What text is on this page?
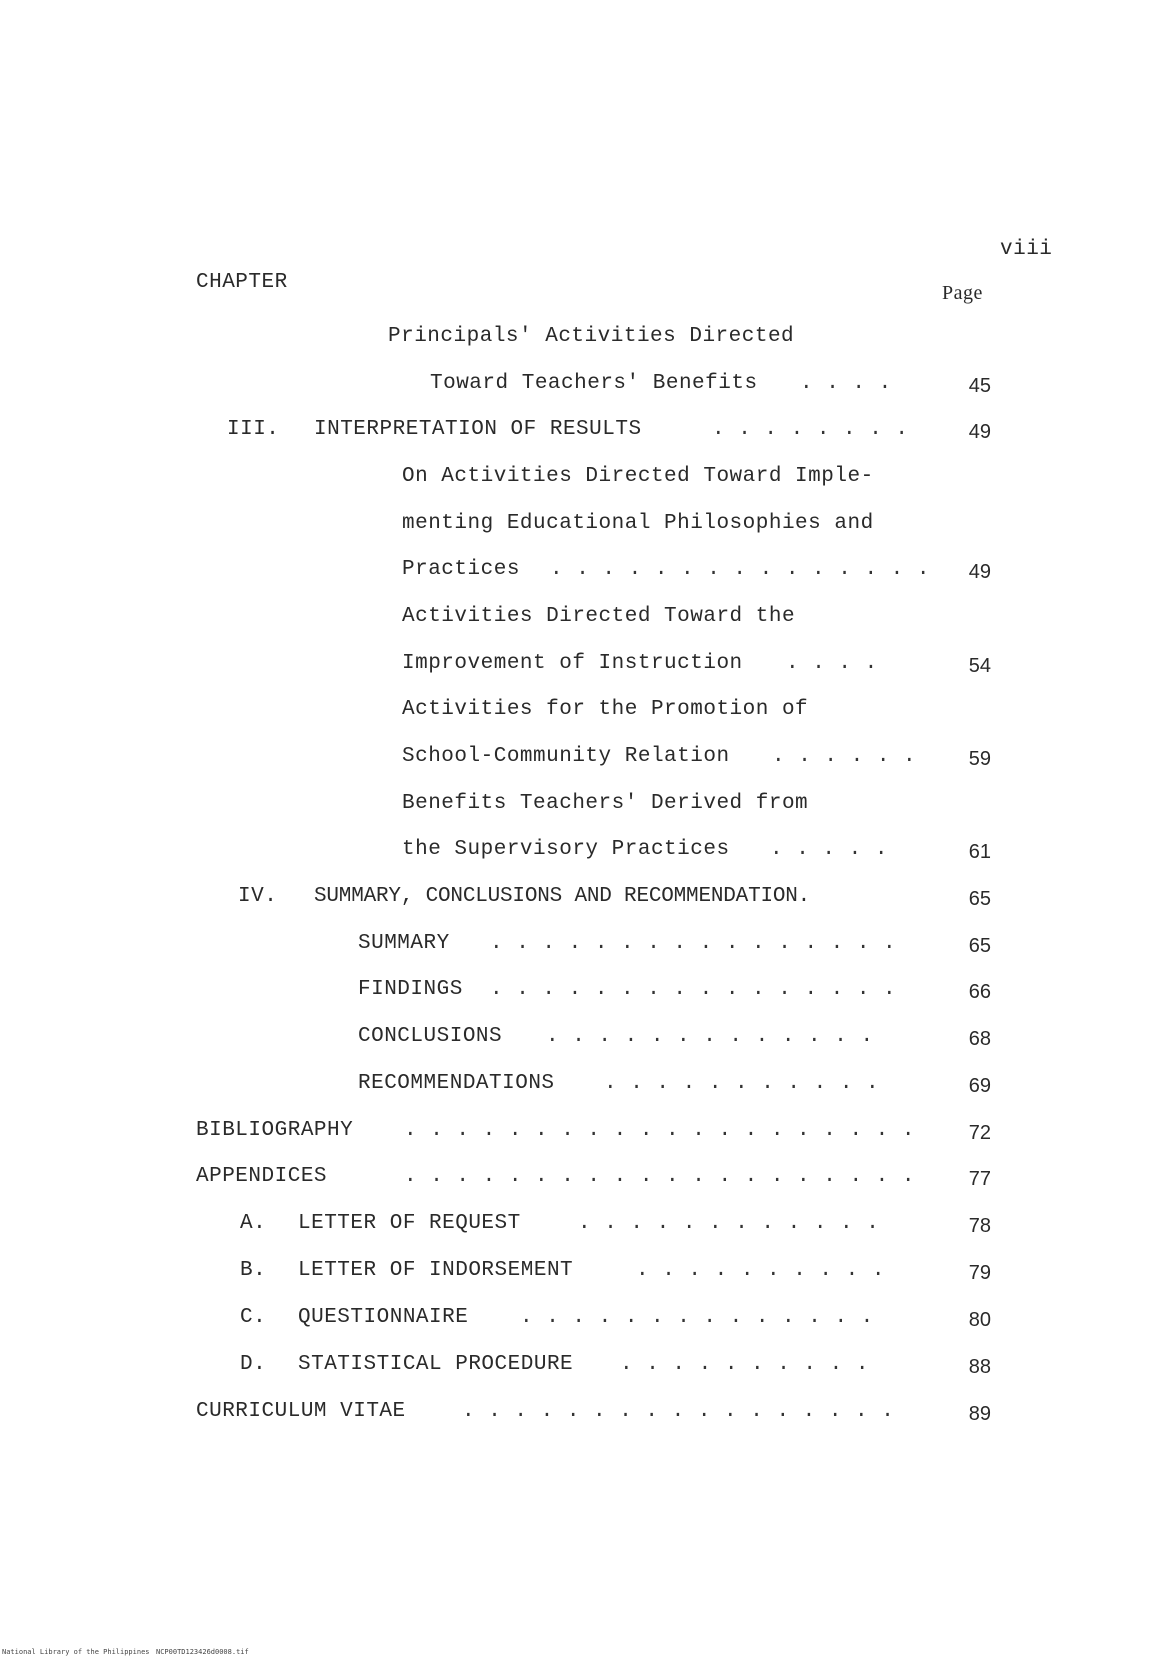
viii
CHAPTER	Page
Principals' Activities Directed
Toward Teachers' Benefits . . . .	45
III. INTERPRETATION OF RESULTS	. . . . . . . .	49
On Activities Directed Toward Imple-
menting Educational Philosophies and
Practices . . . . . . . . . . . . . . . 49
Activities Directed Toward the
Improvement of Instruction . . . .	54
Activities for the Promotion of
School-Community Relation . . . . . .	59
Benefits Teachers' Derived from
the Supervisory Practices . . . . .	61
IV. SUMMARY, CONCLUSIONS AND RECOMMENDATION.	65
SUMMARY . . . . . . . . . . . . . . . .	65
FINDINGS . . . . . . . . . . . . . . . .	66
CONCLUSIONS . . . . . . . . . . . . .	68
RECOMMENDATIONS . . . . . . . . . . .	69
BIBLIOGRAPHY . . . . . . . . . . . . . . . . . . . .	72
APPENDICES	. . . . . . . . . . . . . . . . . . . .	77
A. LETTER OF REQUEST	. . . . . . . . . . . .	78
B. LETTER OF INDORSEMENT	. . . . . . . . . .	79
C. QUESTIONNAIRE . . . . . . . . . . . . . .	80
D. STATISTICAL PROCEDURE . . . . . . . . . .	88
CURRICULUM VITAE	. . . . . . . . . . . . . . . . .	89
National Library of the Philippines NCP00TD123426d0008.tif
